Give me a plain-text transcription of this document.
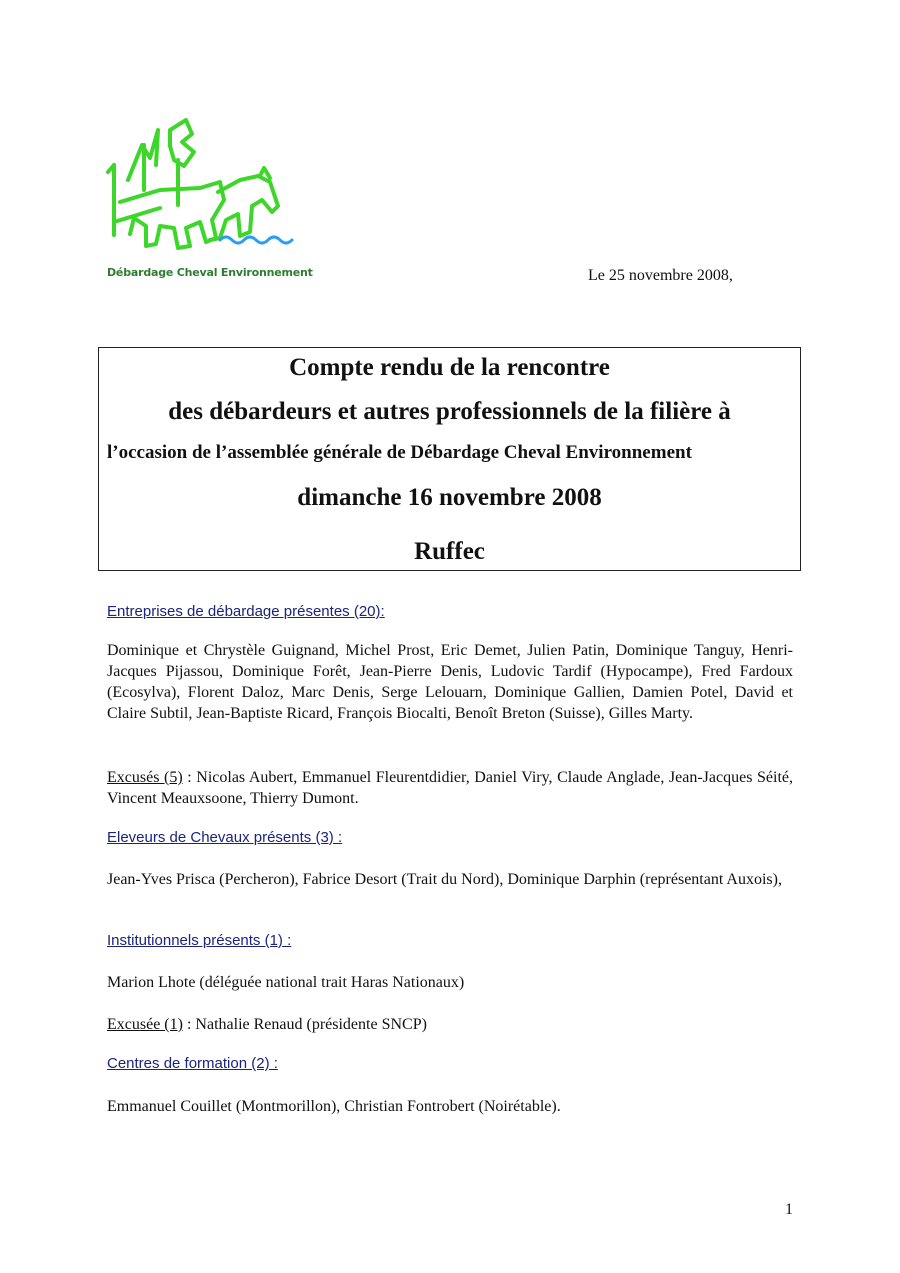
Débardage Cheval Environnement	Le 25 novembre 2008,
Compte rendu de la rencontre
des débardeurs et autres professionnels de la filière à
l’occasion de l’assemblée générale de Débardage Cheval Environnement
dimanche 16 novembre 2008
Ruffec
Entreprises de débardage présentes (20):
Dominique et Chrystèle Guignand, Michel Prost, Eric Demet, Julien Patin, Dominique Tanguy, Henri-Jacques Pijassou, Dominique Forêt, Jean-Pierre Denis, Ludovic Tardif (Hypocampe), Fred Fardoux (Ecosylva), Florent Daloz, Marc Denis, Serge Lelouarn, Dominique Gallien, Damien Potel, David et Claire Subtil, Jean-Baptiste Ricard, François Biocalti, Benoît Breton (Suisse), Gilles Marty.
Excusés (5) : Nicolas Aubert, Emmanuel Fleurentdidier, Daniel Viry, Claude Anglade, Jean-Jacques Séité, Vincent Meauxsoone, Thierry Dumont.
Eleveurs de Chevaux présents (3) :
Jean-Yves Prisca (Percheron), Fabrice Desort (Trait du Nord), Dominique Darphin (représentant Auxois),
Institutionnels présents (1) :
Marion Lhote (déléguée national trait Haras Nationaux)
Excusée (1) : Nathalie Renaud (présidente SNCP)
Centres de formation (2) :
Emmanuel Couillet (Montmorillon), Christian Fontrobert (Noirétable).
1
